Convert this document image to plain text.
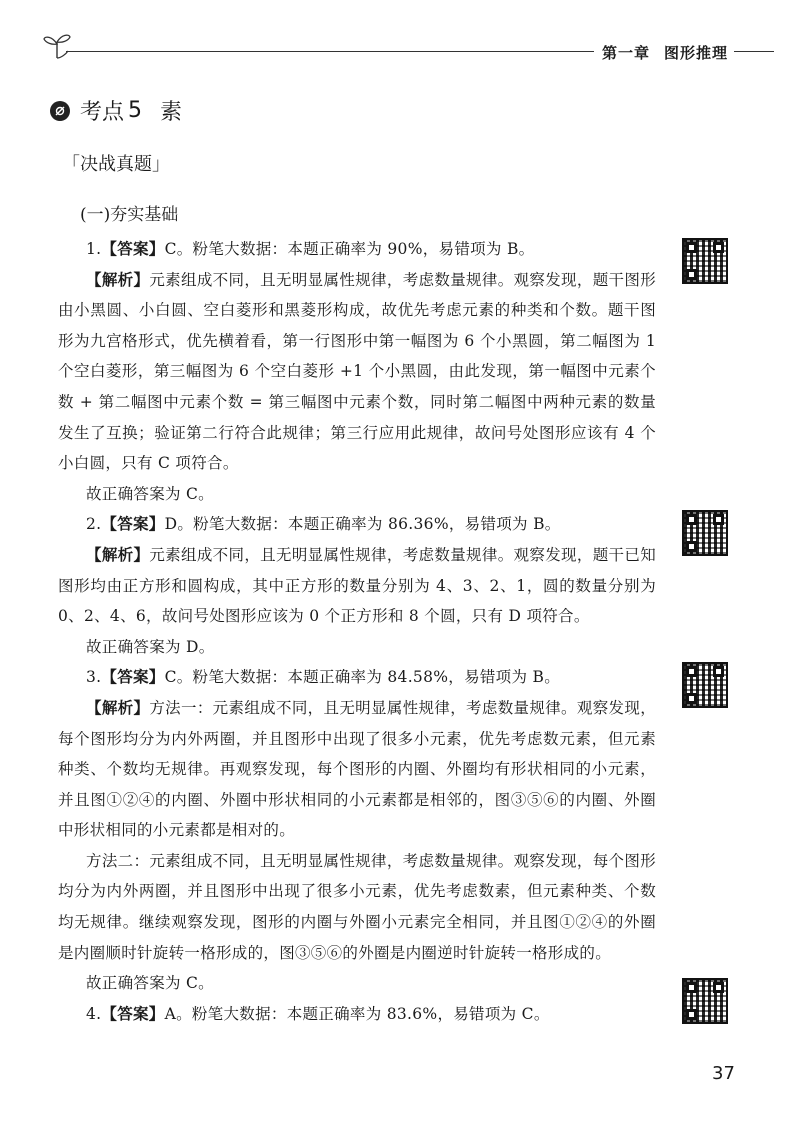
第一章 图形推理
考点 5 素
「决战真题」
(一)夯实基础

1.【答案】C。粉笔大数据：本题正确率为 90%，易错项为 B。

【解析】元素组成不同，且无明显属性规律，考虑数量规律。观察发现，题干图形由小黑圆、小白圆、空白菱形和黑菱形构成，故优先考虑元素的种类和个数。题干图形为九宫格形式，优先横着看，第一行图形中第一幅图为 6 个小黑圆，第二幅图为 1 个空白菱形，第三幅图为 6 个空白菱形 +1 个小黑圆，由此发现，第一幅图中元素个数 + 第二幅图中元素个数 = 第三幅图中元素个数，同时第二幅图中两种元素的数量发生了互换；验证第二行符合此规律；第三行应用此规律，故问号处图形应该有 4 个小白圆，只有 C 项符合。

故正确答案为 C。

2.【答案】D。粉笔大数据：本题正确率为 86.36%，易错项为 B。

【解析】元素组成不同，且无明显属性规律，考虑数量规律。观察发现，题干已知图形均由正方形和圆构成，其中正方形的数量分别为 4、3、2、1，圆的数量分别为 0、2、4、6，故问号处图形应该为 0 个正方形和 8 个圆，只有 D 项符合。

故正确答案为 D。

3.【答案】C。粉笔大数据：本题正确率为 84.58%，易错项为 B。

【解析】方法一：元素组成不同，且无明显属性规律，考虑数量规律。观察发现，每个图形均分为内外两圈，并且图形中出现了很多小元素，优先考虑数元素，但元素种类、个数均无规律。再观察发现，每个图形的内圈、外圈均有形状相同的小元素，并且图①②④的内圈、外圈中形状相同的小元素都是相邻的，图③⑤⑥的内圈、外圈中形状相同的小元素都是相对的。

方法二：元素组成不同，且无明显属性规律，考虑数量规律。观察发现，每个图形均分为内外两圈，并且图形中出现了很多小元素，优先考虑数素，但元素种类、个数均无规律。继续观察发现，图形的内圈与外圈小元素完全相同，并且图①②④的外圈是内圈顺时针旋转一格形成的，图③⑤⑥的外圈是内圈逆时针旋转一格形成的。

故正确答案为 C。

4.【答案】A。粉笔大数据：本题正确率为 83.6%，易错项为 C。

37
